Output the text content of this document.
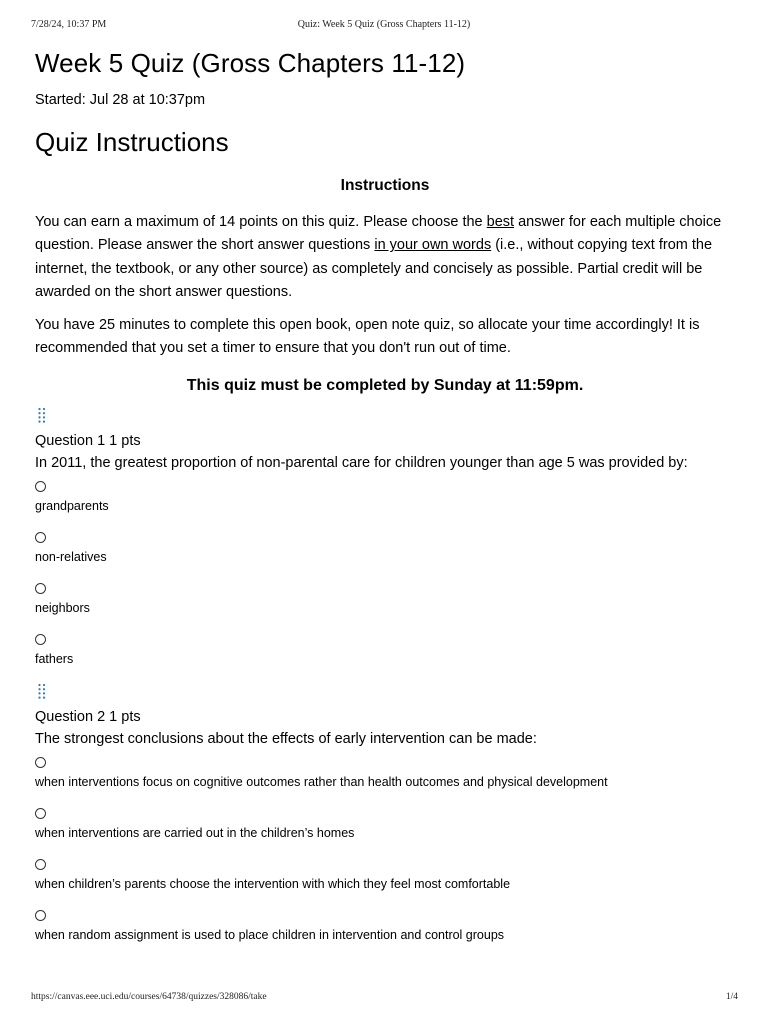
7/28/24, 10:37 PM	Quiz: Week 5 Quiz (Gross Chapters 11-12)
Week 5 Quiz (Gross Chapters 11-12)
Started: Jul 28 at 10:37pm
Quiz Instructions
Instructions
You can earn a maximum of 14 points on this quiz. Please choose the best answer for each multiple choice question. Please answer the short answer questions in your own words (i.e., without copying text from the internet, the textbook, or any other source) as completely and concisely as possible. Partial credit will be awarded on the short answer questions.
You have 25 minutes to complete this open book, open note quiz, so allocate your time accordingly! It is recommended that you set a timer to ensure that you don't run out of time.
This quiz must be completed by Sunday at 11:59pm.
Question 1 1 pts
In 2011, the greatest proportion of non-parental care for children younger than age 5 was provided by:
grandparents
non-relatives
neighbors
fathers
Question 2 1 pts
The strongest conclusions about the effects of early intervention can be made:
when interventions focus on cognitive outcomes rather than health outcomes and physical development
when interventions are carried out in the children’s homes
when children’s parents choose the intervention with which they feel most comfortable
when random assignment is used to place children in intervention and control groups
https://canvas.eee.uci.edu/courses/64738/quizzes/328086/take	1/4
